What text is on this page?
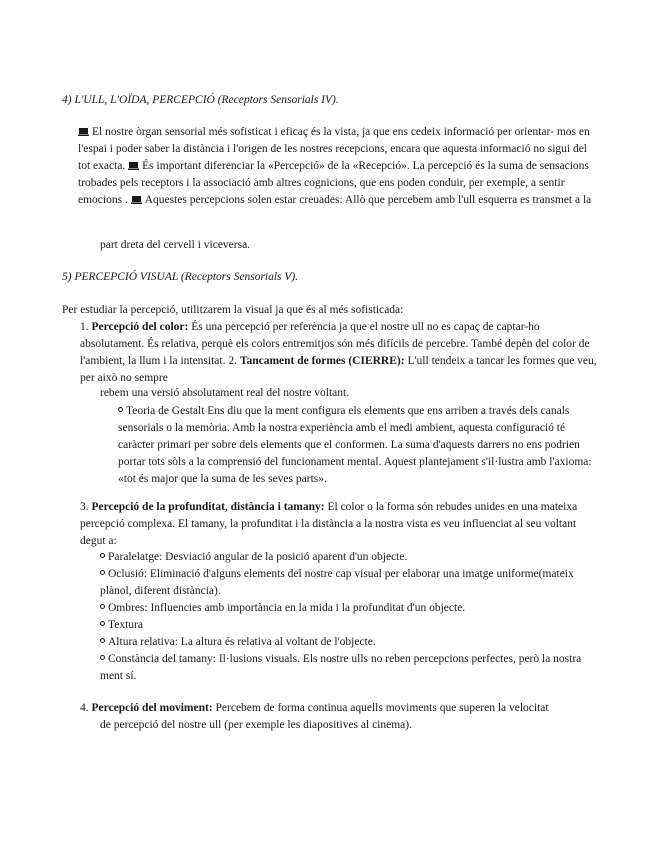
4) L'ULL, L'OÏDA, PERCEPCIÓ (Receptors Sensorials IV).

El nostre òrgan sensorial més sofisticat i eficaç és la vista, ja que ens cedeix informació per orientar- mos en l'espai i poder saber la distància i l'origen de les nostres recepcions, encara que aquesta informació no sigui del tot exacta. És important diferenciar la «Percepció» de la «Recepció». La percepció és la suma de sensacions trobades pels receptors i la associació amb altres cognicions, que ens poden conduir, per exemple, a sentir emocions . Aquestes percepcions solen estar creuades: Allò que percebem amb l'ull esquerra es transmet a la

part dreta del cervell i viceversa.
5) PERCEPCIÓ VISUAL (Receptors Sensorials V).
Per estudiar la percepció, utilitzarem la visual ja que és al més sofisticada:

1. Percepció del color: És una percepció per referència ja que el nostre ull no es capaç de captar-ho absolutament. És relativa, perquè els colors entremitjos són més difícils de percebre. També depèn del color de l'ambient, la llum i la intensitat. 2. Tancament de formes (CIERRE): L'ull tendeix a tancar les formes que veu, per això no sempre

rebem una versió absolutament real del nostre voltant.

Teoria de Gestalt Ens diu que la ment configura els elements que ens arriben a través dels canals sensorials o la memòria. Amb la nostra experiència amb el medi ambient, aquesta configuració té caràcter primari per sobre dels elements que el conformen. La suma d'aquests darrers no ens podrien portar tots sòls a la comprensió del funcionament mental. Aquest plantejament s'il·lustra amb l'axioma: «tot és major que la suma de les seves parts».

3. Percepció de la profunditat, distància i tamany: El color o la forma són rebudes unides en una mateixa percepció complexa. El tamany, la profunditat i la distància a la nostra vista es veu influenciat al seu voltant degut a:

Paralelatge: Desviació angular de la posició aparent d'un objecte.

Oclusió: Eliminació d'alguns elements del nostre cap visual per elaborar una imatge uniforme(mateix plànol, diferent distància).

Ombres: Influencies amb importància en la mida i la profunditat d'un objecte.

Textura

Altura relativa: La altura és relativa al voltant de l'objecte.

Constància del tamany: Il·lusions visuals. Els nostre ulls no reben percepcions perfectes, però la nostra ment sí.

4. Percepció del moviment: Percebem de forma continua aquells moviments que superen la velocitat

de percepció del nostre ull (per exemple les diapositives al cinema).
